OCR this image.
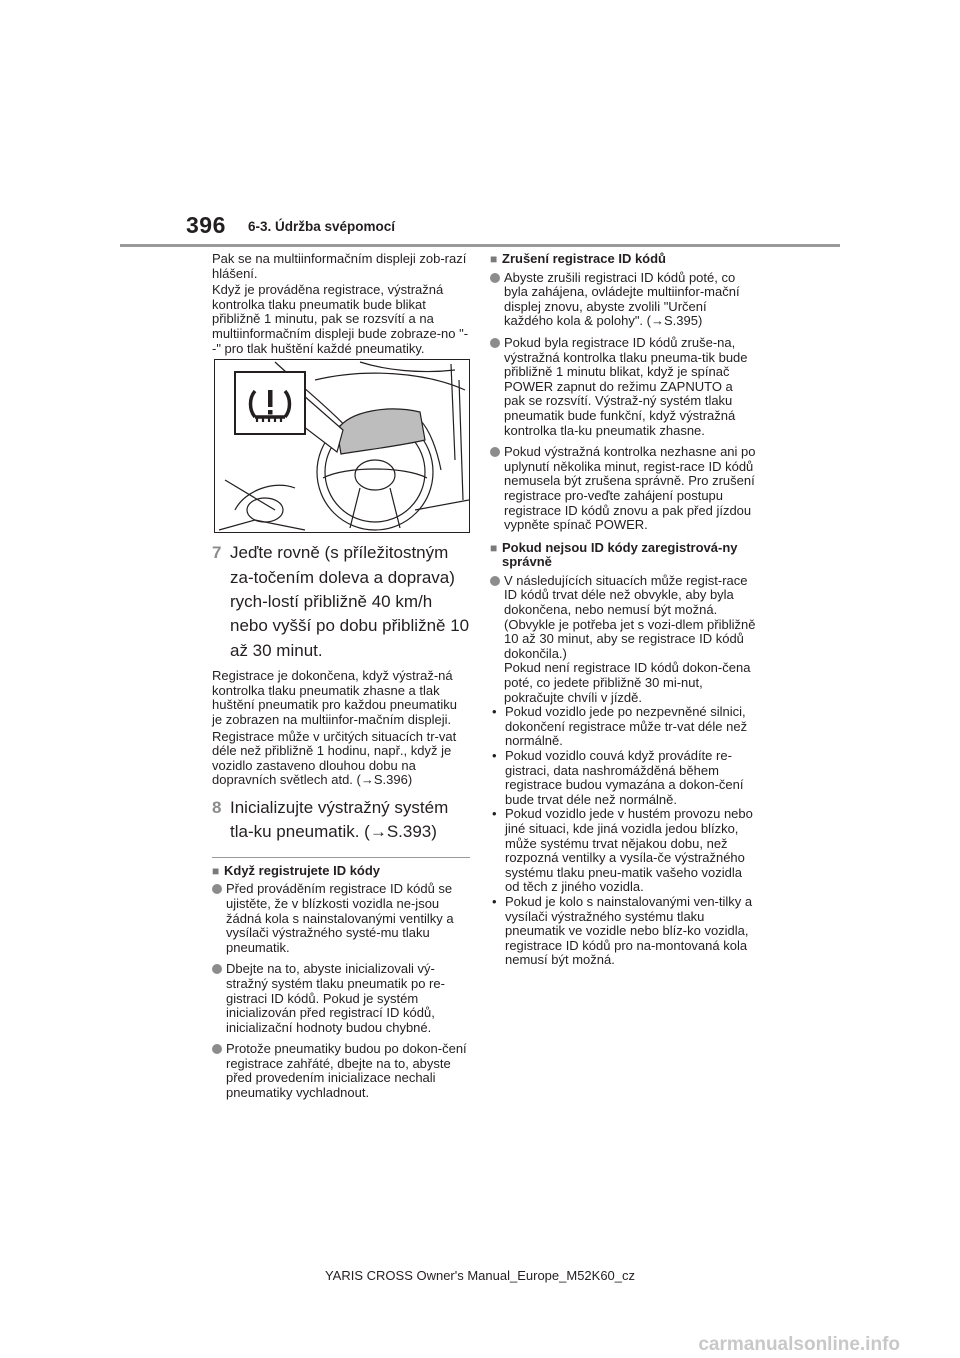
396 6-3. Údržba svépomocí

Pak se na multiinformačním displeji zob-razí hlášení.

Když je prováděna registrace, výstražná kontrolka tlaku pneumatik bude blikat přibližně 1 minutu, pak se rozsvítí a na multiinformačním displeji bude zobraze-no "--" pro tlak huštění každé pneumatiky.

7 Jeďte rovně (s příležitostným za-točením doleva a doprava) rych-lostí přibližně 40 km/h nebo vyšší po dobu přibližně 10 až 30 minut.

Registrace je dokončena, když výstraž-ná kontrolka tlaku pneumatik zhasne a tlak huštění pneumatik pro každou pneumatiku je zobrazen na multiinfor-mačním displeji.

Registrace může v určitých situacích tr-vat déle než přibližně 1 hodinu, např., když je vozidlo zastaveno dlouhou dobu na dopravních světlech atd. (→S.396)

8 Inicializujte výstražný systém tla-ku pneumatik. (→S.393)
■ Když registrujete ID kódy
Před prováděním registrace ID kódů se ujistěte, že v blízkosti vozidla ne-jsou žádná kola s nainstalovanými ventilky a vysílači výstražného systé-mu tlaku pneumatik.
Dbejte na to, abyste inicializovali vý-stražný systém tlaku pneumatik po re-gistraci ID kódů. Pokud je systém inicializován před registrací ID kódů, inicializační hodnoty budou chybné.
Protože pneumatiky budou po dokon-čení registrace zahřáté, dbejte na to, abyste před provedením inicializace nechali pneumatiky vychladnout.
■ Zrušení registrace ID kódů
Abyste zrušili registraci ID kódů poté, co byla zahájena, ovládejte multiinfor-mační displej znovu, abyste zvolili "Určení každého kola & polohy". (→S.395)
Pokud byla registrace ID kódů zruše-na, výstražná kontrolka tlaku pneuma-tik bude přibližně 1 minutu blikat, když je spínač POWER zapnut do režimu ZAPNUTO a pak se rozsvítí. Výstraž-ný systém tlaku pneumatik bude funkční, když výstražná kontrolka tla-ku pneumatik zhasne.
Pokud výstražná kontrolka nezhasne ani po uplynutí několika minut, regist-race ID kódů nemusela být zrušena správně. Pro zrušení registrace pro-veďte zahájení postupu registrace ID kódů znovu a pak před jízdou vypněte spínač POWER.
■ Pokud nejsou ID kódy zaregistrová-ny správně
V následujících situacích může regist-race ID kódů trvat déle než obvykle, aby byla dokončena, nebo nemusí být možná. (Obvykle je potřeba jet s vozi-dlem přibližně 10 až 30 minut, aby se registrace ID kódů dokončila.)
Pokud není registrace ID kódů dokon-čena poté, co jedete přibližně 30 mi-nut, pokračujte chvíli v jízdě.
• Pokud vozidlo jede po nezpevněné silnici, dokončení registrace může tr-vat déle než normálně.
• Pokud vozidlo couvá když provádíte re-gistraci, data nashromážděná během registrace budou vymazána a dokon-čení bude trvat déle než normálně.
• Pokud vozidlo jede v hustém provozu nebo jiné situaci, kde jiná vozidla jedou blízko, může systému trvat nějakou dobu, než rozpozná ventilky a vysíla-če výstražného systému tlaku pneu-matik vašeho vozidla od těch z jiného vozidla.
• Pokud je kolo s nainstalovanými ven-tilky a vysílači výstražného systému tlaku pneumatik ve vozidle nebo blíz-ko vozidla, registrace ID kódů pro na-montovaná kola nemusí být možná.
YARIS CROSS Owner's Manual_Europe_M52K60_cz
carmanualsonline.info
